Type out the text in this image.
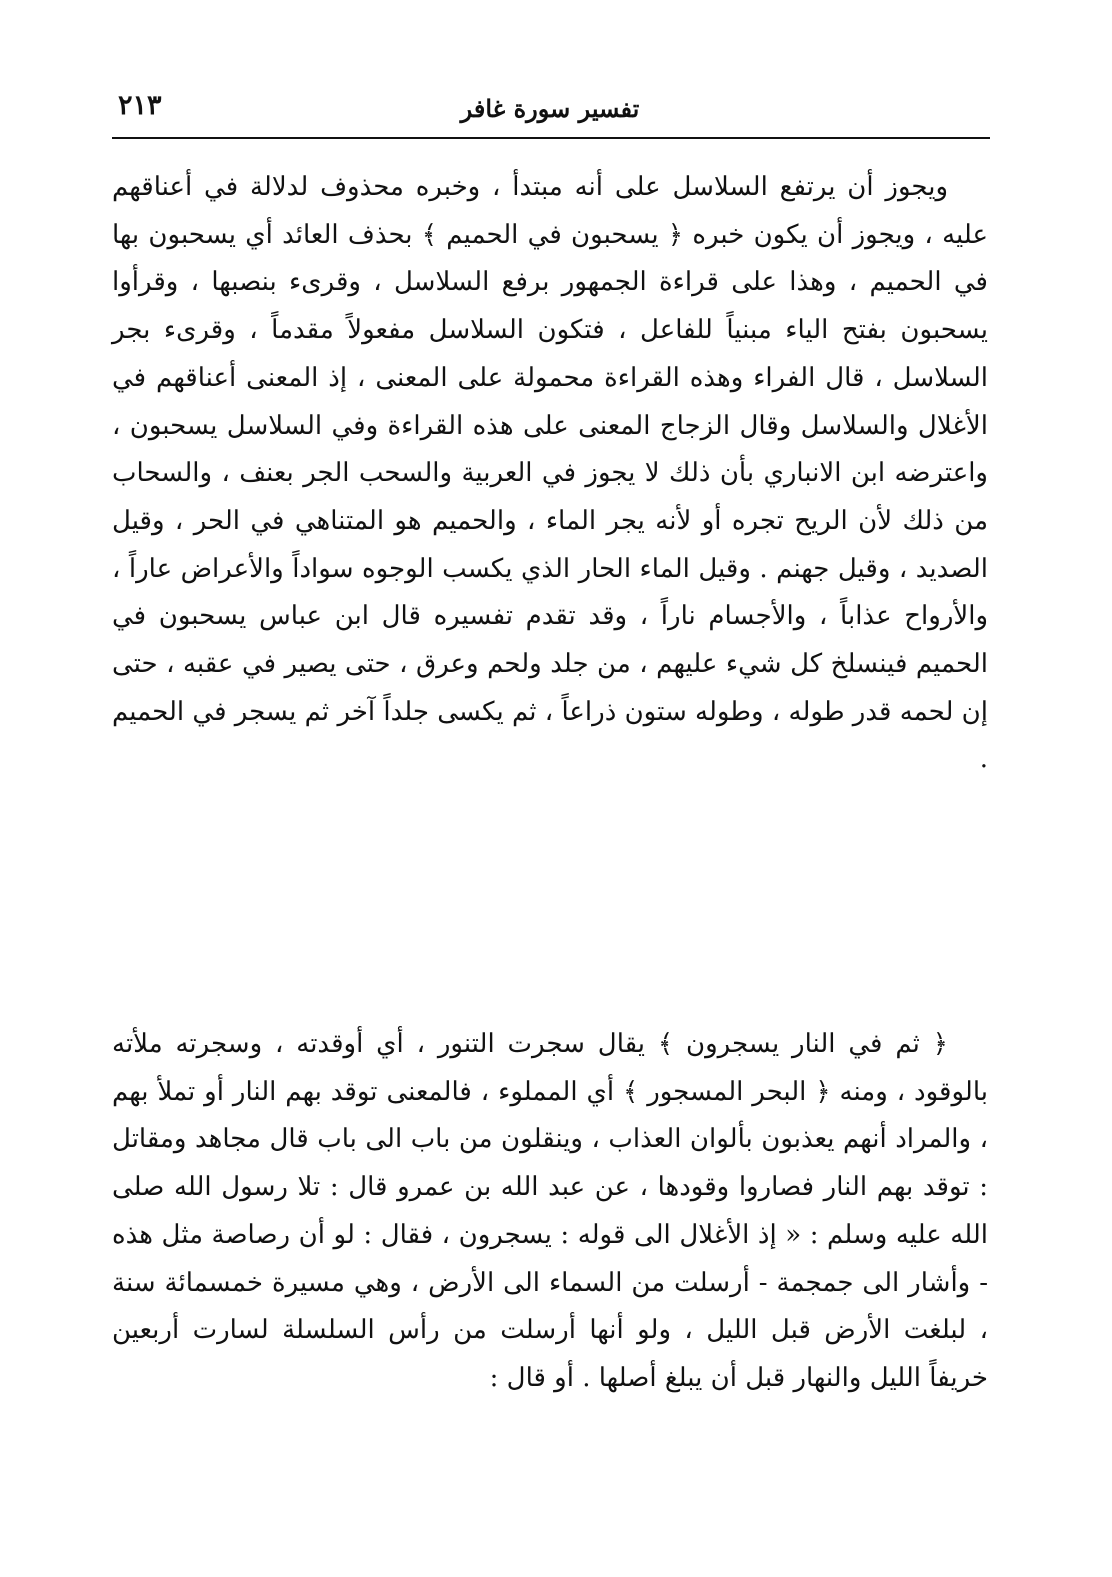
تفسير سورة غافر
٢١٣

ويجوز أن يرتفع السلاسل على أنه مبتدأ ، وخبره محذوف لدلالة في أعناقهم عليه ، ويجوز أن يكون خبره ﴿ يسحبون في الحميم ﴾ بحذف العائد أي يسحبون بها في الحميم ، وهذا على قراءة الجمهور برفع السلاسل ، وقرىء بنصبها ، وقرأوا يسحبون بفتح الياء مبنياً للفاعل ، فتكون السلاسل مفعولاً مقدماً ، وقرىء بجر السلاسل ، قال الفراء وهذه القراءة محمولة على المعنى ، إذ المعنى أعناقهم في الأغلال والسلاسل وقال الزجاج المعنى على هذه القراءة وفي السلاسل يسحبون ، واعترضه ابن الانباري بأن ذلك لا يجوز في العربية والسحب الجر بعنف ، والسحاب من ذلك لأن الريح تجره أو لأنه يجر الماء ، والحميم هو المتناهي في الحر ، وقيل الصديد ، وقيل جهنم . وقيل الماء الحار الذي يكسب الوجوه سواداً والأعراض عاراً ، والأرواح عذاباً ، والأجسام ناراً ، وقد تقدم تفسيره قال ابن عباس يسحبون في الحميم فينسلخ كل شيء عليهم ، من جلد ولحم وعرق ، حتى يصير في عقبه ، حتى إن لحمه قدر طوله ، وطوله ستون ذراعاً ، ثم يكسى جلداً آخر ثم يسجر في الحميم .

﴿ ثم في النار يسجرون ﴾ يقال سجرت التنور ، أي أوقدته ، وسجرته ملأته بالوقود ، ومنه ﴿ البحر المسجور ﴾ أي المملوء ، فالمعنى توقد بهم النار أو تملأ بهم ، والمراد أنهم يعذبون بألوان العذاب ، وينقلون من باب الى باب قال مجاهد ومقاتل : توقد بهم النار فصاروا وقودها ، عن عبد الله بن عمرو قال : تلا رسول الله صلى الله عليه وسلم : « إذ الأغلال الى قوله : يسجرون ، فقال : لو أن رصاصة مثل هذه - وأشار الى جمجمة - أرسلت من السماء الى الأرض ، وهي مسيرة خمسمائة سنة ، لبلغت الأرض قبل الليل ، ولو أنها أرسلت من رأس السلسلة لسارت أربعين خريفاً الليل والنهار قبل أن يبلغ أصلها . أو قال :
